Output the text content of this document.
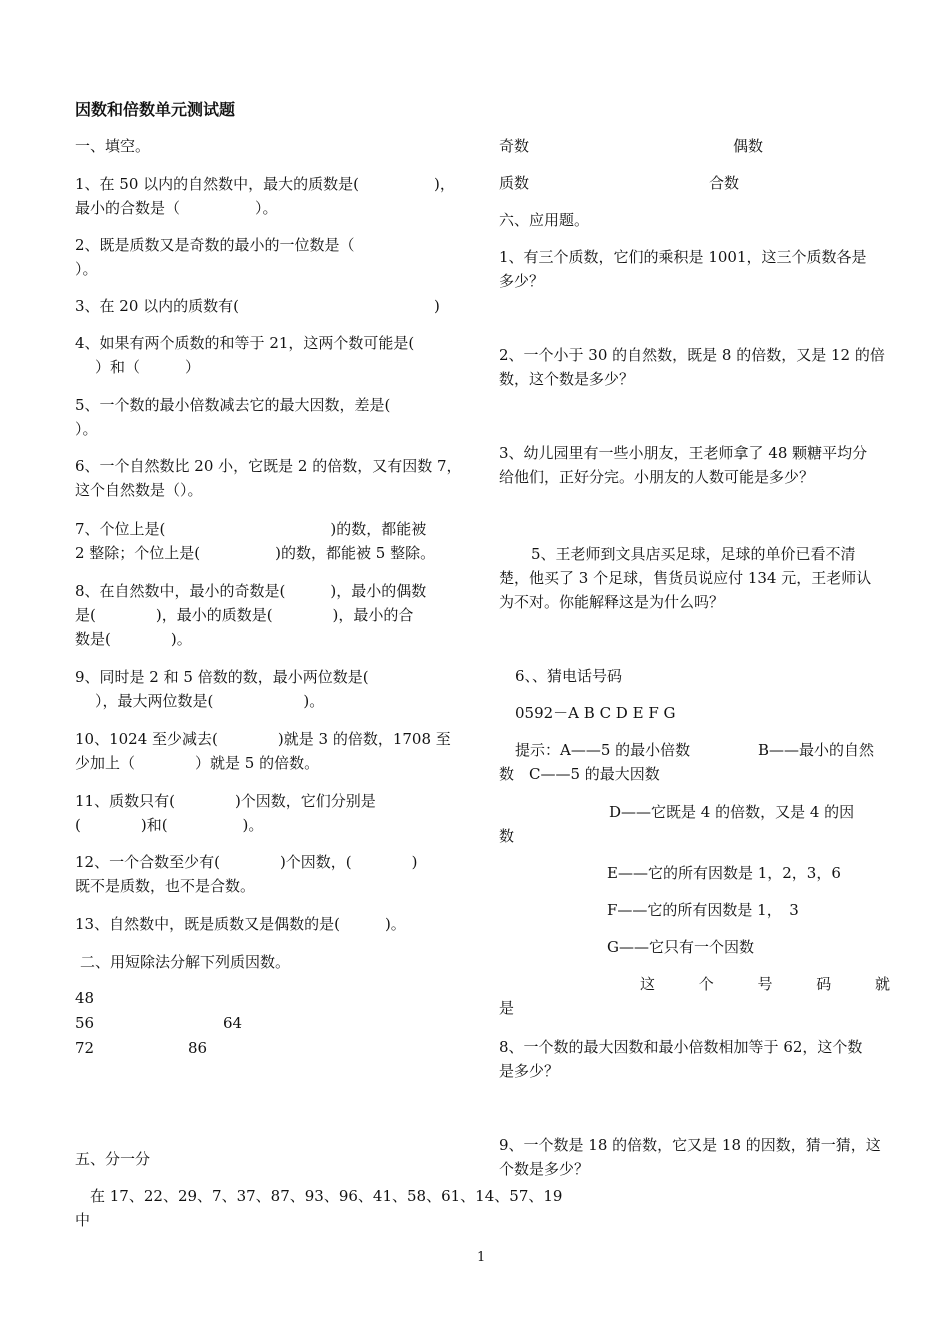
因数和倍数单元测试题
一、填空。
1、在 50 以内的自然数中，最大的质数是(　　　　　)，
最小的合数是（　　　　　）。
2、既是质数又是奇数的最小的一位数是（
）。
3、在 20 以内的质数有(　　　　　　　　　　　　　)
4、如果有两个质数的和等于 21，这两个数可能是(
）和（　　　）
5、一个数的最小倍数减去它的最大因数，差是(
）。
6、一个自然数比 20 小，它既是 2 的倍数，又有因数 7，
这个自然数是（）。
7、个位上是(　　　　　　　　　　　)的数，都能被
2 整除；个位上是(　　　　　)的数，都能被 5 整除。
8、在自然数中，最小的奇数是(　　　)，最小的偶数
是(　　　　)，最小的质数是(　　　　)，最小的合
数是(　　　　)。
9、同时是 2 和 5 倍数的数，最小两位数是(
），最大两位数是(　　　　　　)。
10、1024 至少减去(　　　　)就是 3 的倍数，1708 至
少加上（　　　　）就是 5 的倍数。
11、质数只有(　　　　)个因数，它们分别是
(　　　　)和(　　　　　)。
12、一个合数至少有(　　　　)个因数，(　　　　)
既不是质数，也不是合数。
13、自然数中，既是质数又是偶数的是(　　　)。
二、用短除法分解下列质因数。
48
56	64
72	86
五、分一分
在 17、22、29、7、37、87、93、96、41、58、61、14、57、19
中
奇数	偶数
质数	合数
六、应用题。
1、有三个质数，它们的乘积是 1001，这三个质数各是
多少？
2、一个小于 30 的自然数，既是 8 的倍数，又是 12 的倍
数，这个数是多少？
3、幼儿园里有一些小朋友，王老师拿了 48 颗糖平均分
给他们，正好分完。小朋友的人数可能是多少？
5、王老师到文具店买足球，足球的单价已看不清
楚，他买了 3 个足球，售货员说应付 134 元，王老师认
为不对。你能解释这是为什么吗？
6、、猜电话号码
0592－A B C D E F G
提示：A——5 的最小倍数	B——最小的自然
数　C——5 的最大因数
D——它既是 4 的倍数，又是 4 的因
数
E——它的所有因数是 1，2，3，6
F——它的所有因数是 1，　3
G——它只有一个因数
这	个	号	码	就
是
8、一个数的最大因数和最小倍数相加等于 62，这个数
是多少？
9、一个数是 18 的倍数，它又是 18 的因数，猜一猜，这
个数是多少？
1
